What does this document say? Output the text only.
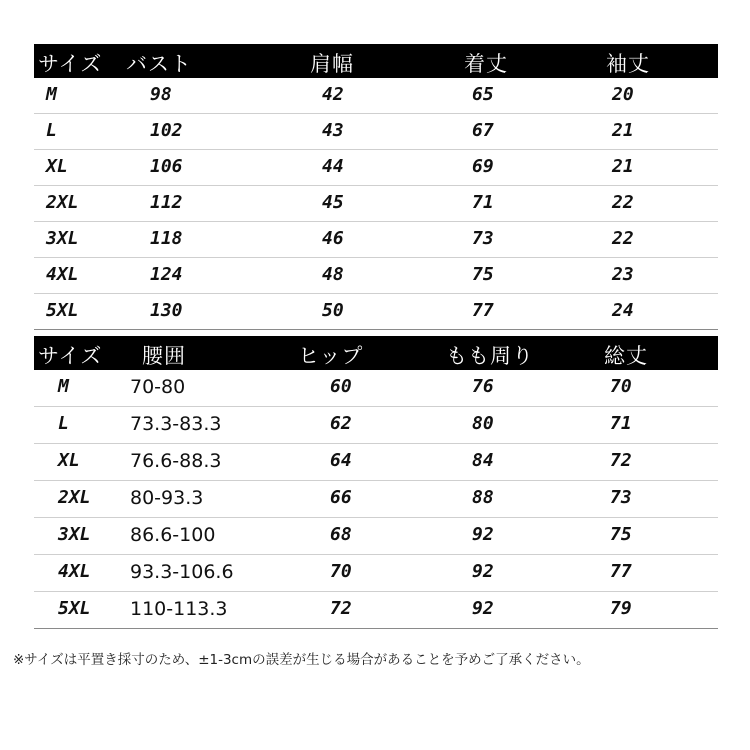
サイズ バスト	肩幅	着丈	袖丈
M	98	42	65	20
L	102	43	67	21
XL	106	44	69	21
2XL	112	45	71	22
3XL	118	46	73	22
4XL	124	48	75	23
5XL	130	50	77	24
サイズ 腰囲	ヒップ	もも周り	総丈
M	70-80	60	76	70
L	73.3-83.3	62	80	71
XL	76.6-88.3	64	84	72
2XL 80-93.3	66	88	73
3XL 86.6-100	68	92	75
4XL 93.3-106.6	70	92	77
5XL 110-113.3	72	92	79
※サイズは平置き採寸のため、±1-3cmの誤差が生じる場合があることを予めご了承ください。
